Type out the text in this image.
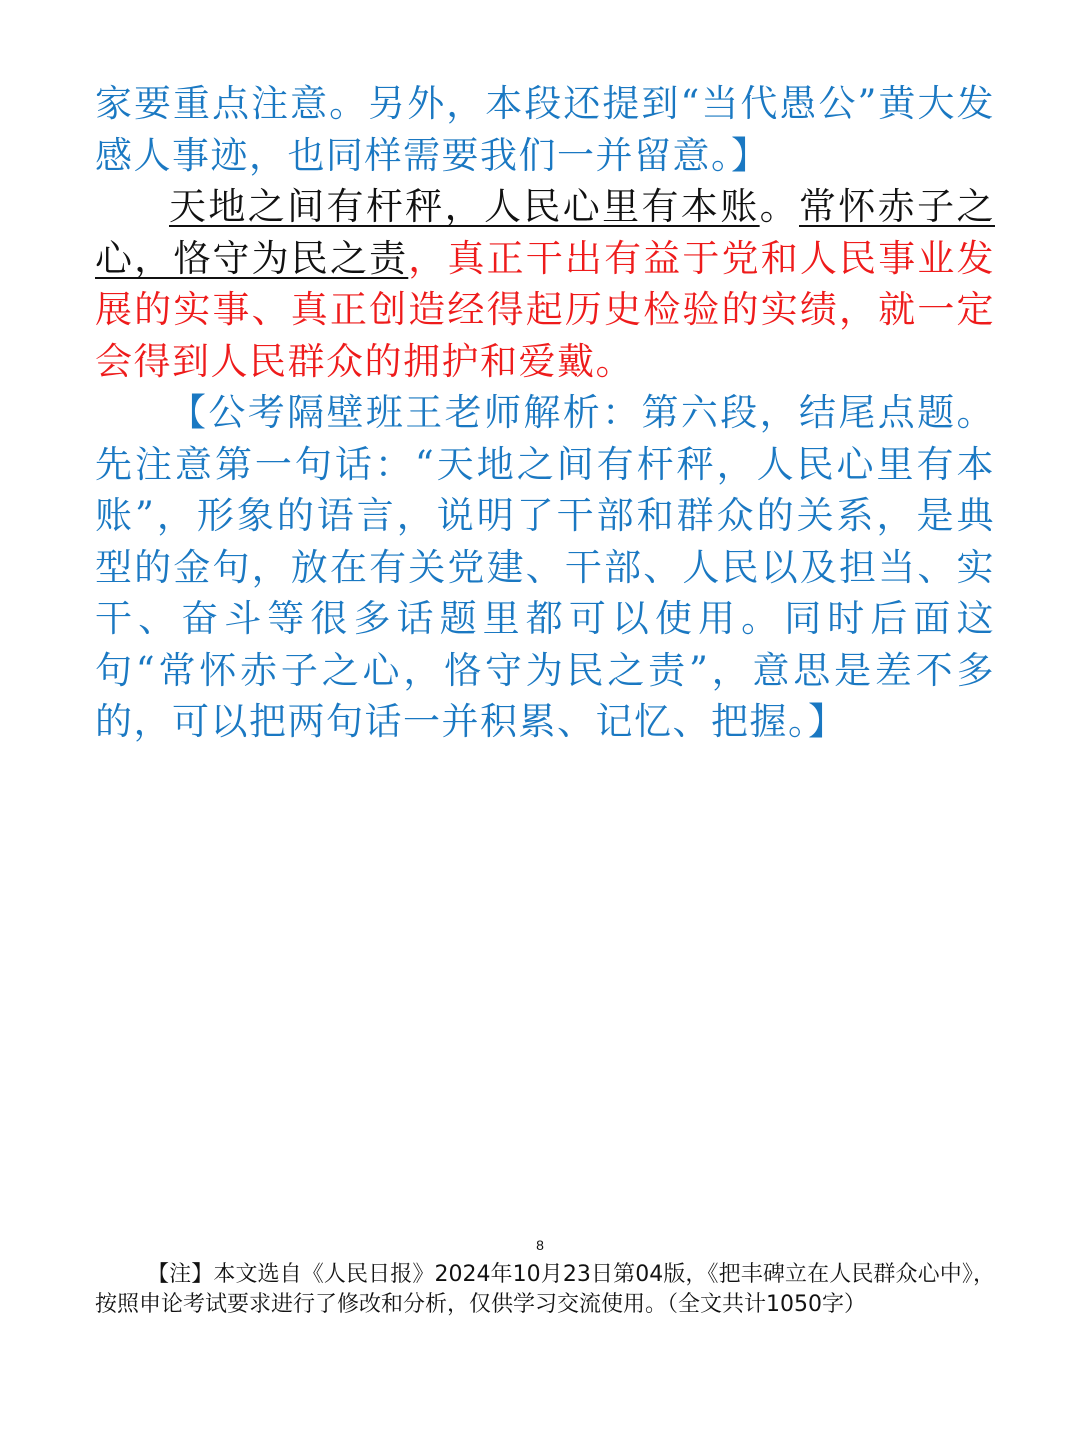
家要重点注意。另外，本段还提到“当代愚公”黄大发感人事迹，也同样需要我们一并留意。】

天地之间有杆秤，人民心里有本账。常怀赤子之心，恪守为民之责，真正干出有益于党和人民事业发展的实事、真正创造经得起历史检验的实绩，就一定会得到人民群众的拥护和爱戴。

【公考隔壁班王老师解析：第六段，结尾点题。先注意第一句话：“天地之间有杆秤，人民心里有本账”，形象的语言，说明了干部和群众的关系，是典型的金句，放在有关党建、干部、人民以及担当、实干、奋斗等很多话题里都可以使用。同时后面这句“常怀赤子之心，恪守为民之责”，意思是差不多的，可以把两句话一并积累、记忆、把握。】

8
【注】本文选自《人民日报》2024年10月23日第04版，《把丰碑立在人民群众心中》，按照申论考试要求进行了修改和分析，仅供学习交流使用。（全文共计1050字）
